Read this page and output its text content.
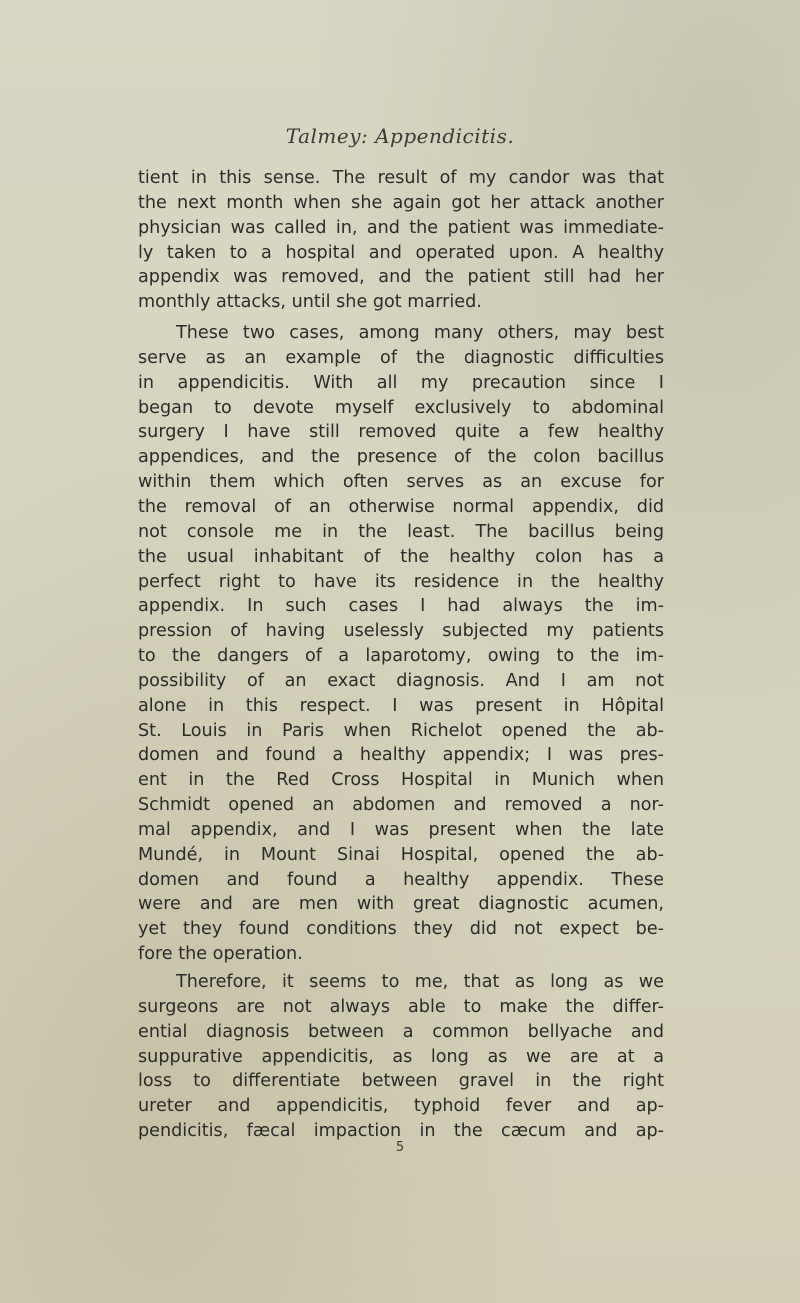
Talmey: Appendicitis.
tient in this sense. The result of my candor was that
the next month when she again got her attack another
physician was called in, and the patient was immediate-
ly taken to a hospital and operated upon. A healthy
appendix was removed, and the patient still had her
monthly attacks, until she got married.
These two cases, among many others, may best
serve as an example of the diagnostic difficulties
in appendicitis. With all my precaution since I
began to devote myself exclusively to abdominal
surgery I have still removed quite a few healthy
appendices, and the presence of the colon bacillus
within them which often serves as an excuse for
the removal of an otherwise normal appendix, did
not console me in the least. The bacillus being
the usual inhabitant of the healthy colon has a
perfect right to have its residence in the healthy
appendix. In such cases I had always the im-
pression of having uselessly subjected my patients
to the dangers of a laparotomy, owing to the im-
possibility of an exact diagnosis. And I am not
alone in this respect. I was present in Hôpital
St. Louis in Paris when Richelot opened the ab-
domen and found a healthy appendix; I was pres-
ent in the Red Cross Hospital in Munich when
Schmidt opened an abdomen and removed a nor-
mal appendix, and I was present when the late
Mundé, in Mount Sinai Hospital, opened the ab-
domen and found a healthy appendix. These
were and are men with great diagnostic acumen,
yet they found conditions they did not expect be-
fore the operation.
Therefore, it seems to me, that as long as we
surgeons are not always able to make the differ-
ential diagnosis between a common bellyache and
suppurative appendicitis, as long as we are at a
loss to differentiate between gravel in the right
ureter and appendicitis, typhoid fever and ap-
pendicitis, fæcal impaction in the cæcum and ap-
5
